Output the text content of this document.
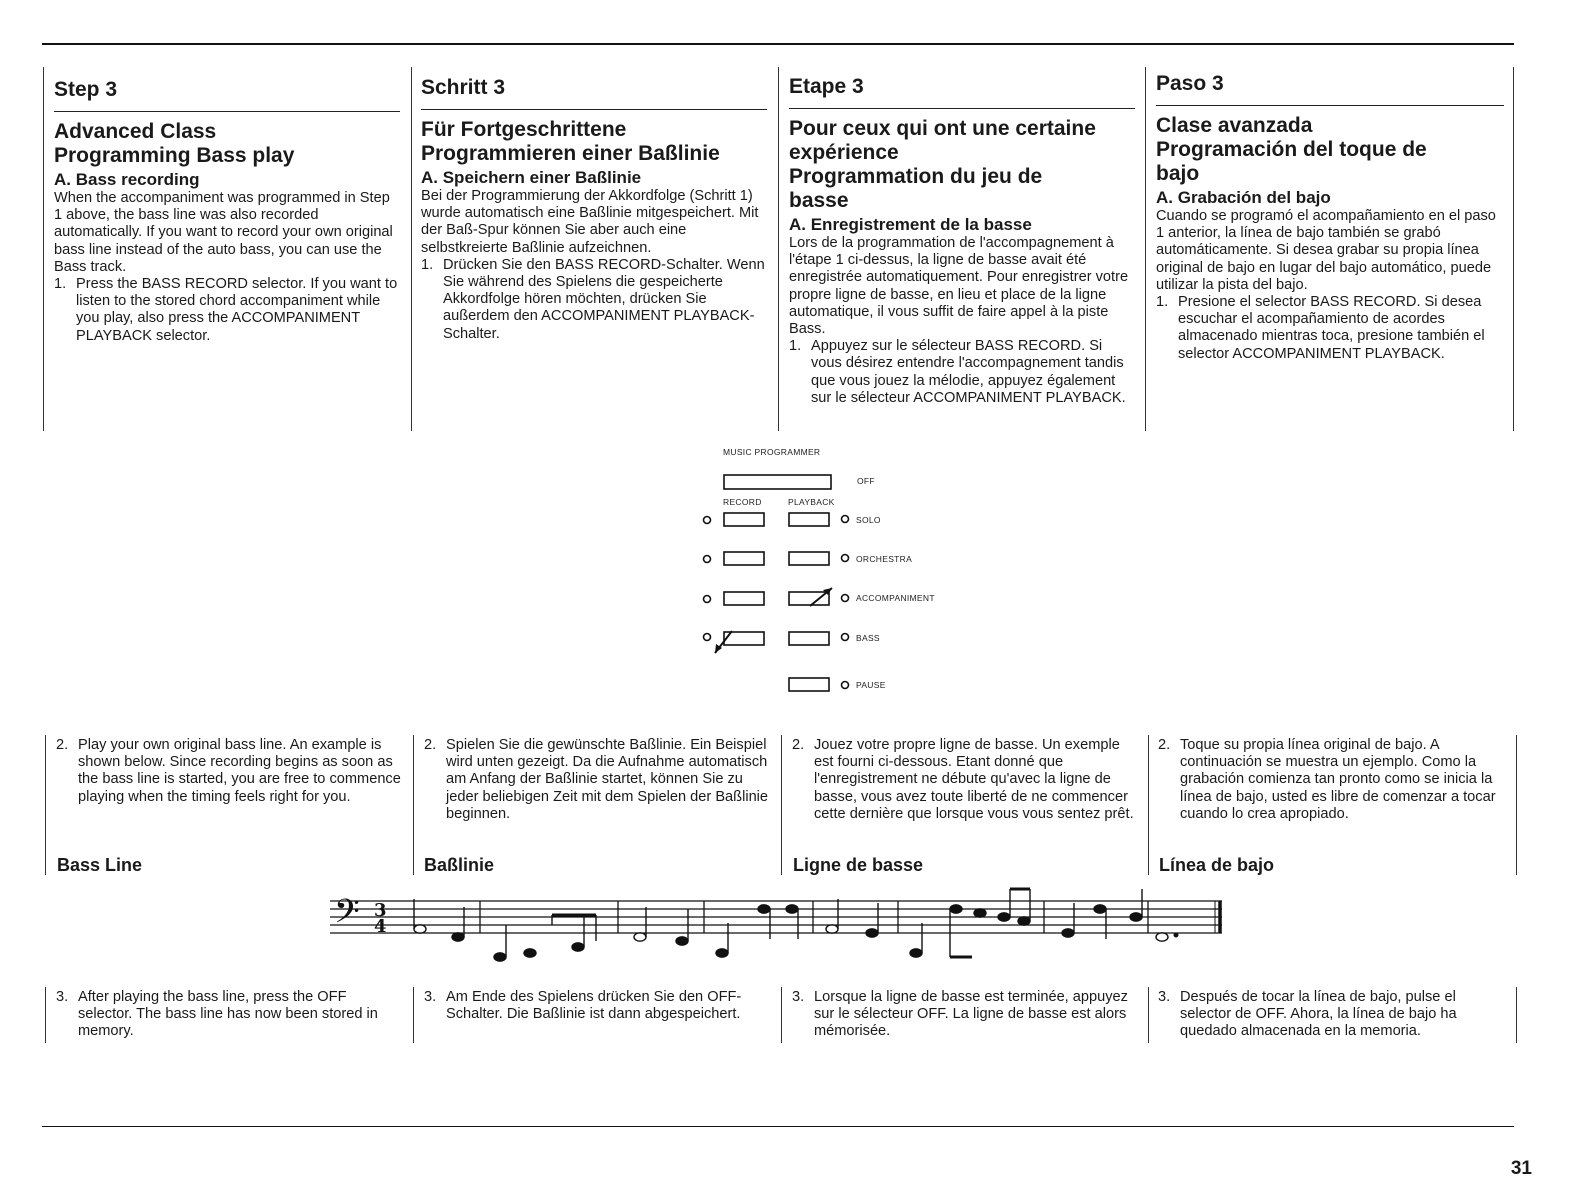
Step 3

Advanced Class

Programming Bass play

A. Bass recording

When the accompaniment was programmed in Step 1 above, the bass line was also recorded automatically. If you want to record your own original bass line instead of the auto bass, you can use the Bass track.

1. Press the BASS RECORD selector. If you want to listen to the stored chord accompaniment while you play, also press the ACCOMPANIMENT PLAYBACK selector.

Schritt 3

Für Fortgeschrittene

Programmieren einer Baßlinie

A. Speichern einer Baßlinie

Bei der Programmierung der Akkordfolge (Schritt 1) wurde automatisch eine Baßlinie mitgespeichert. Mit der Baß-Spur können Sie aber auch eine selbstkreierte Baßlinie aufzeichnen.

1. Drücken Sie den BASS RECORD-Schalter. Wenn Sie während des Spielens die gespeicherte Akkordfolge hören möchten, drücken Sie außerdem den ACCOMPANIMENT PLAYBACK-Schalter.

Etape 3

Pour ceux qui ont une certaine

expérience

Programmation du jeu de

basse

A. Enregistrement de la basse

Lors de la programmation de l'accompagnement à l'étape 1 ci-dessus, la ligne de basse avait été enregistrée automatiquement. Pour enregistrer votre propre ligne de basse, en lieu et place de la ligne automatique, il vous suffit de faire appel à la piste Bass.

1. Appuyez sur le sélecteur BASS RECORD. Si vous désirez entendre l'accompagnement tandis que vous jouez la mélodie, appuyez également sur le sélecteur ACCOMPANIMENT PLAYBACK.

Paso 3

Clase avanzada

Programación del toque de

bajo

A. Grabación del bajo

Cuando se programó el acompañamiento en el paso 1 anterior, la línea de bajo también se grabó automáticamente. Si desea grabar su propia línea original de bajo en lugar del bajo automático, puede utilizar la pista del bajo.

1. Presione el selector BASS RECORD. Si desea escuchar el acompañamiento de acordes almacenado mientras toca, presione también el selector ACCOMPANIMENT PLAYBACK.

MUSIC PROGRAMMER
OFF
RECORD	PLAYBACK
SOLO
ORCHESTRA
ACCOMPANIMENT
BASS
PAUSE

2. Play your own original bass line. An example is shown below. Since recording begins as soon as the bass line is started, you are free to commence playing when the timing feels right for you.

2. Spielen Sie die gewünschte Baßlinie. Ein Beispiel wird unten gezeigt. Da die Aufnahme automatisch am Anfang der Baßlinie startet, können Sie zu jeder beliebigen Zeit mit dem Spielen der Baßlinie beginnen.

2. Jouez votre propre ligne de basse. Un exemple est fourni ci-dessous. Etant donné que l'enregistrement ne débute qu'avec la ligne de basse, vous avez toute liberté de ne commencer cette dernière que lorsque vous vous sentez prêt.

2. Toque su propia línea original de bajo. A continuación se muestra un ejemplo. Como la grabación comienza tan pronto como se inicia la línea de bajo, usted es libre de comenzar a tocar cuando lo crea apropiado.

Bass Line	Baßlinie	Ligne de basse	Línea de bajo
𝄢 3
4

3. After playing the bass line, press the OFF selector. The bass line has now been stored in memory.

3. Am Ende des Spielens drücken Sie den OFF-Schalter. Die Baßlinie ist dann abgespeichert.

3. Lorsque la ligne de basse est terminée, appuyez sur le sélecteur OFF. La ligne de basse est alors mémorisée.

3. Después de tocar la línea de bajo, pulse el selector de OFF. Ahora, la línea de bajo ha quedado almacenada en la memoria.

31
